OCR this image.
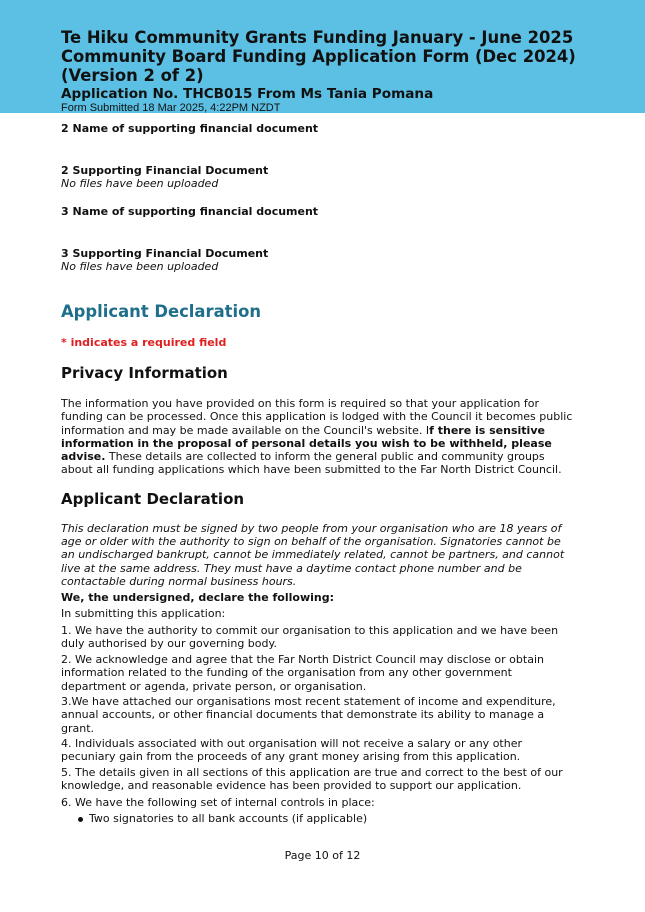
Te Hiku Community Grants Funding January - June 2025 Community Board Funding Application Form (Dec 2024) (Version 2 of 2)
Application No. THCB015 From Ms Tania Pomana
Form Submitted 18 Mar 2025, 4:22PM NZDT
2 Name of supporting financial document
2 Supporting Financial Document
No files have been uploaded
3 Name of supporting financial document
3 Supporting Financial Document
No files have been uploaded
Applicant Declaration
* indicates a required field
Privacy Information
The information you have provided on this form is required so that your application for funding can be processed. Once this application is lodged with the Council it becomes public information and may be made available on the Council's website. If there is sensitive information in the proposal of personal details you wish to be withheld, please advise. These details are collected to inform the general public and community groups about all funding applications which have been submitted to the Far North District Council.
Applicant Declaration
This declaration must be signed by two people from your organisation who are 18 years of age or older with the authority to sign on behalf of the organisation. Signatories cannot be an undischarged bankrupt, cannot be immediately related, cannot be partners, and cannot live at the same address. They must have a daytime contact phone number and be contactable during normal business hours.
We, the undersigned, declare the following:
In submitting this application:
1. We have the authority to commit our organisation to this application and we have been duly authorised by our governing body.
2. We acknowledge and agree that the Far North District Council may disclose or obtain information related to the funding of the organisation from any other government department or agenda, private person, or organisation.
3.We have attached our organisations most recent statement of income and expenditure, annual accounts, or other financial documents that demonstrate its ability to manage a grant.
4. Individuals associated with out organisation will not receive a salary or any other pecuniary gain from the proceeds of any grant money arising from this application.
5. The details given in all sections of this application are true and correct to the best of our knowledge, and reasonable evidence has been provided to support our application.
6. We have the following set of internal controls in place:
Two signatories to all bank accounts (if applicable)
Page 10 of 12
